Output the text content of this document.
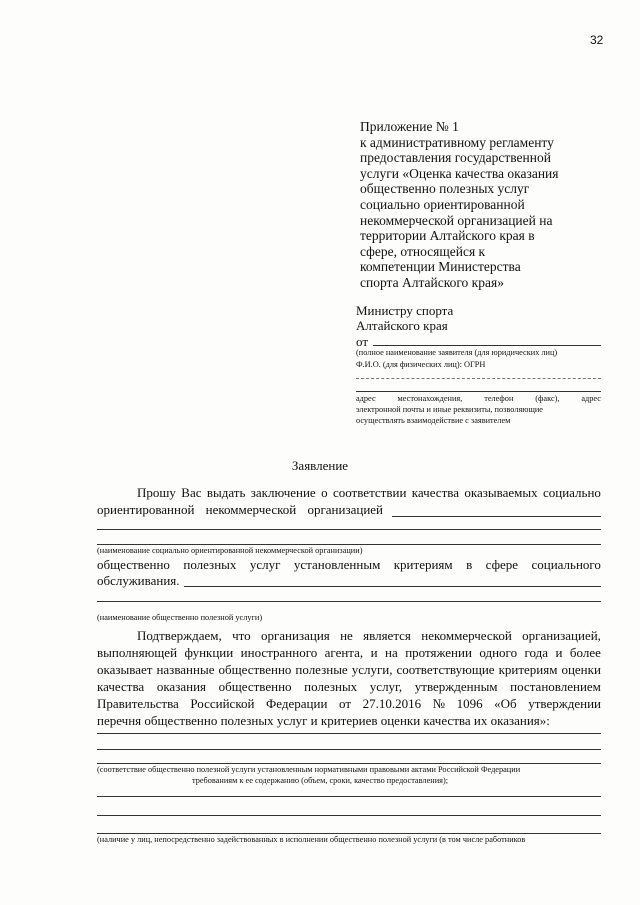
32
Приложение № 1
к административному регламенту
предоставления государственной
услуги «Оценка качества оказания
общественно полезных услуг
социально ориентированной
некоммерческой организацией на
территории Алтайского края в
сфере, относящейся к
компетенции Министерства
спорта Алтайского края»
Министру спорта
Алтайского края
от
(полное наименование заявителя (для юридических лиц)
Ф.И.О. (для физических лиц): ОГРН
адрес	местонахождения,	телефон	(факс),	адрес
электронной почты и иные реквизиты, позволяющие
осуществлять взаимодействие с заявителем
Заявление
Прошу Вас выдать заключение о соответствии качества оказываемых социально
ориентированной некоммерческой организацией
(наименование социально ориентированной некоммерческой организации)
общественно полезных услуг установленным критериям в сфере социального
обслуживания.
(наименование общественно полезной услуги)
Подтверждаем, что организация не является некоммерческой организацией,
выполняющей функции иностранного агента, и на протяжении одного года и более
оказывает названные общественно полезные услуги, соответствующие критериям оценки
качества оказания общественно полезных услуг, утвержденным постановлением
Правительства Российской Федерации от 27.10.2016 № 1096 «Об утверждении
перечня общественно полезных услуг и критериев оценки качества их оказания»:
(соответствие общественно полезной услуги установленным нормативными правовыми актами Российской Федерации
требованиям к ее содержанию (объем, сроки, качество предоставления);
(наличие у лиц, непосредственно задействованных в исполнении общественно полезной услуги (в том числе работников
